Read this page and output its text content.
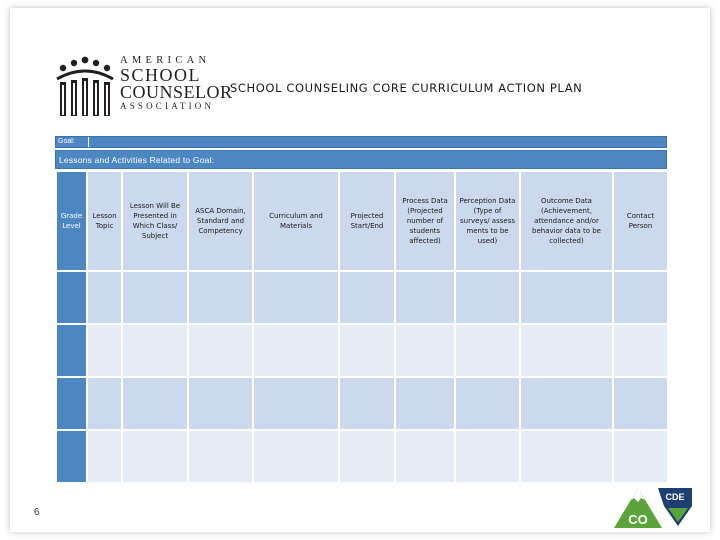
AMERICAN
SCHOOL
COUNSELOR
ASSOCIATION
SCHOOL COUNSELING CORE CURRICULUM ACTION PLAN
Goal:
Lessons and Activities Related to Goal:
Grade Level	Lesson Topic	Lesson Will Be Presented in Which Class/ Subject	ASCA Domain, Standard and Competency	Curriculum and Materials	Projected Start/End	Process Data (Projected number of students affected)	Perception Data (Type of surveys/ assess ments to be used)	Outcome Data (Achievement, attendance and/or behavior data to be collected)	Contact Person

6
CDE
CO
